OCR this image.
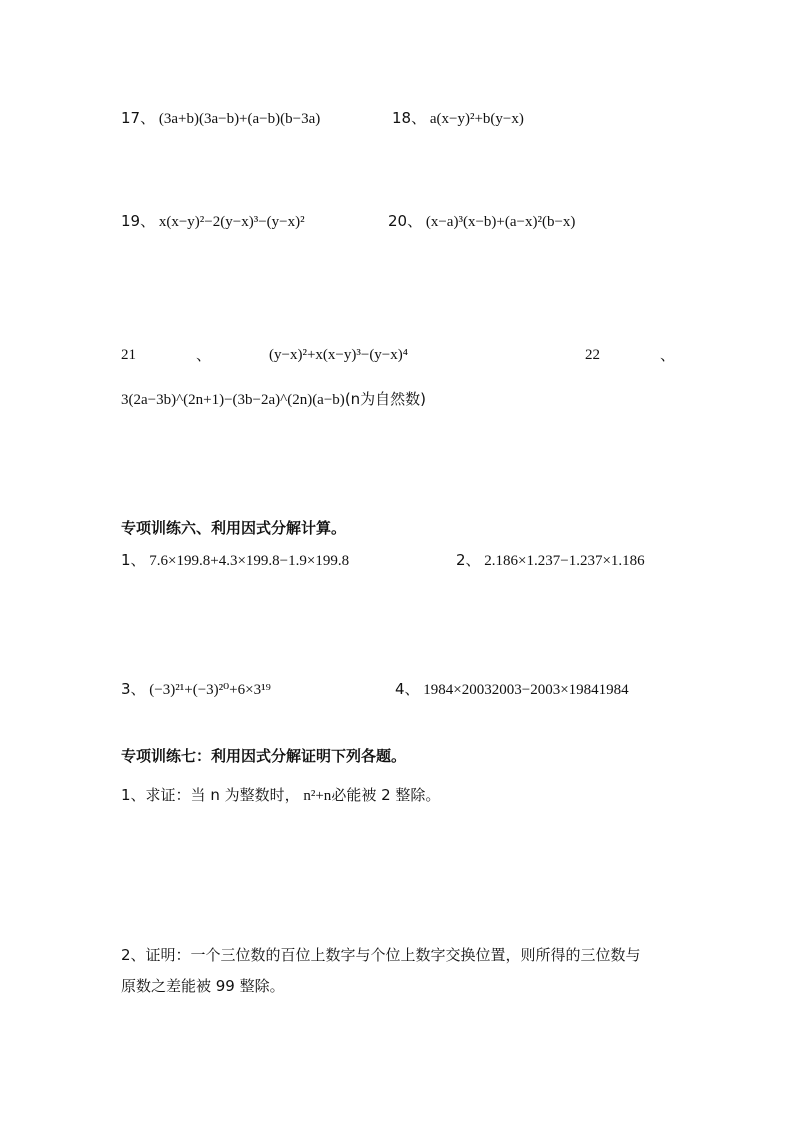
17、 (3a+b)(3a−b)+(a−b)(b−3a)	18、 a(x−y)²+b(y−x)
19、 x(x−y)²−2(y−x)³−(y−x)²	20、 (x−a)³(x−b)+(a−x)²(b−x)
21	、	(y−x)²+x(x−y)³−(y−x)⁴	22	、
3(2a−3b)^(2n+1)−(3b−2a)^(2n)(a−b)(n为自然数)
专项训练六、利用因式分解计算。
1、 7.6×199.8+4.3×199.8−1.9×199.8	2、 2.186×1.237−1.237×1.186
3、 (−3)²¹+(−3)²⁰+6×3¹⁹	4、 1984×20032003−2003×19841984
专项训练七：利用因式分解证明下列各题。
1、求证：当 n 为整数时， n²+n必能被 2 整除。
2、证明：一个三位数的百位上数字与个位上数字交换位置，则所得的三位数与
原数之差能被 99 整除。
